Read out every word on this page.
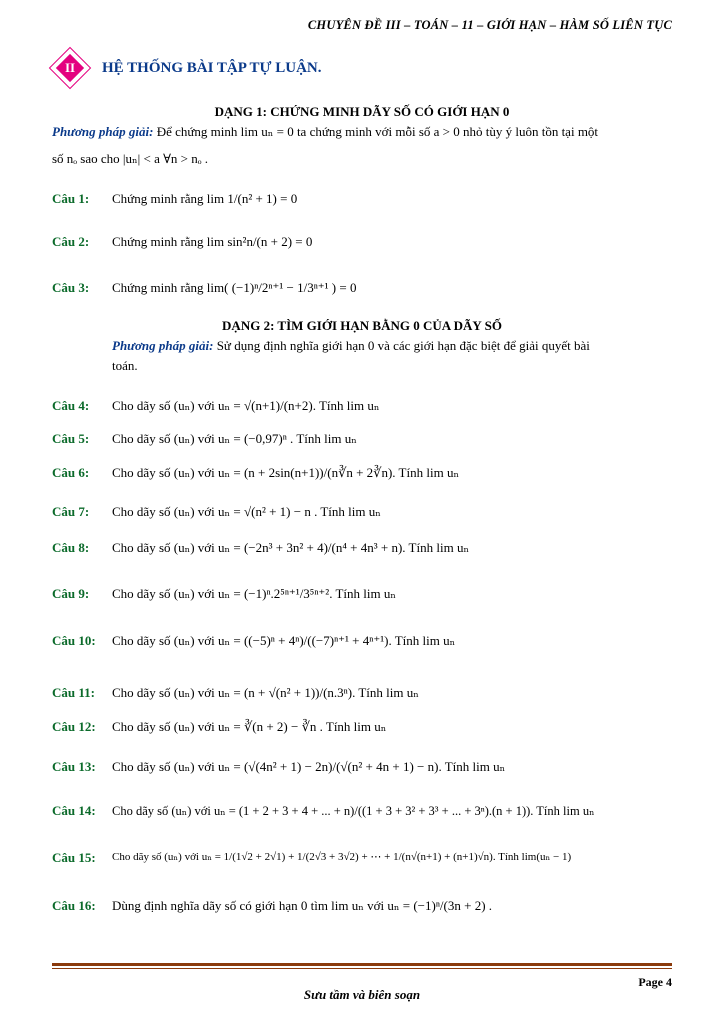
CHUYÊN ĐỀ III – TOÁN – 11 – GIỚI HẠN – HÀM SỐ LIÊN TỤC
II	HỆ THỐNG BÀI TẬP TỰ LUẬN.
DẠNG 1: CHỨNG MINH DÃY SỐ CÓ GIỚI HẠN 0
Phương pháp giải: Để chứng minh lim uₙ = 0 ta chứng minh với mỗi số a > 0 nhỏ tùy ý luôn tồn tại một
số nₒ sao cho |uₙ| < a ∀n > nₒ .
Câu 1: Chứng minh rằng lim 1/(n² + 1) = 0
Câu 2: Chứng minh rằng lim sin²n/(n + 2) = 0
Câu 3: Chứng minh rằng lim( (−1)ⁿ/2ⁿ⁺¹ − 1/3ⁿ⁺¹ ) = 0
DẠNG 2: TÌM GIỚI HẠN BẰNG 0 CỦA DÃY SỐ
Phương pháp giải: Sử dụng định nghĩa giới hạn 0 và các giới hạn đặc biệt để giải quyết bài
toán.
Câu 4: Cho dãy số (uₙ) với uₙ = √(n+1)/(n+2). Tính lim uₙ
Câu 5: Cho dãy số (uₙ) với uₙ = (−0,97)ⁿ . Tính lim uₙ
Câu 6: Cho dãy số (uₙ) với uₙ = (n + 2sin(n+1))/(n∛n + 2∛n). Tính lim uₙ
Câu 7: Cho dãy số (uₙ) với uₙ = √(n² + 1) − n . Tính lim uₙ
Câu 8: Cho dãy số (uₙ) với uₙ = (−2n³ + 3n² + 4)/(n⁴ + 4n³ + n). Tính lim uₙ
Câu 9: Cho dãy số (uₙ) với uₙ = (−1)ⁿ.2⁵ⁿ⁺¹/3⁵ⁿ⁺². Tính lim uₙ
Câu 10: Cho dãy số (uₙ) với uₙ = ((−5)ⁿ + 4ⁿ)/((−7)ⁿ⁺¹ + 4ⁿ⁺¹). Tính lim uₙ
Câu 11: Cho dãy số (uₙ) với uₙ = (n + √(n² + 1))/(n.3ⁿ). Tính lim uₙ
Câu 12: Cho dãy số (uₙ) với uₙ = ∛(n + 2) − ∛n . Tính lim uₙ
Câu 13: Cho dãy số (uₙ) với uₙ = (√(4n² + 1) − 2n)/(√(n² + 4n + 1) − n). Tính lim uₙ
Câu 14: Cho dãy số (uₙ) với uₙ = (1 + 2 + 3 + 4 + ... + n)/((1 + 3 + 3² + 3³ + ... + 3ⁿ).(n + 1)). Tính lim uₙ
Câu 15: Cho dãy số (uₙ) với uₙ = 1/(1√2 + 2√1) + 1/(2√3 + 3√2) + ⋯ + 1/(n√(n+1) + (n+1)√n). Tính lim(uₙ − 1)
Câu 16: Dùng định nghĩa dãy số có giới hạn 0 tìm lim uₙ với uₙ = (−1)ⁿ/(3n + 2) .
Page 4
Sưu tầm và biên soạn
